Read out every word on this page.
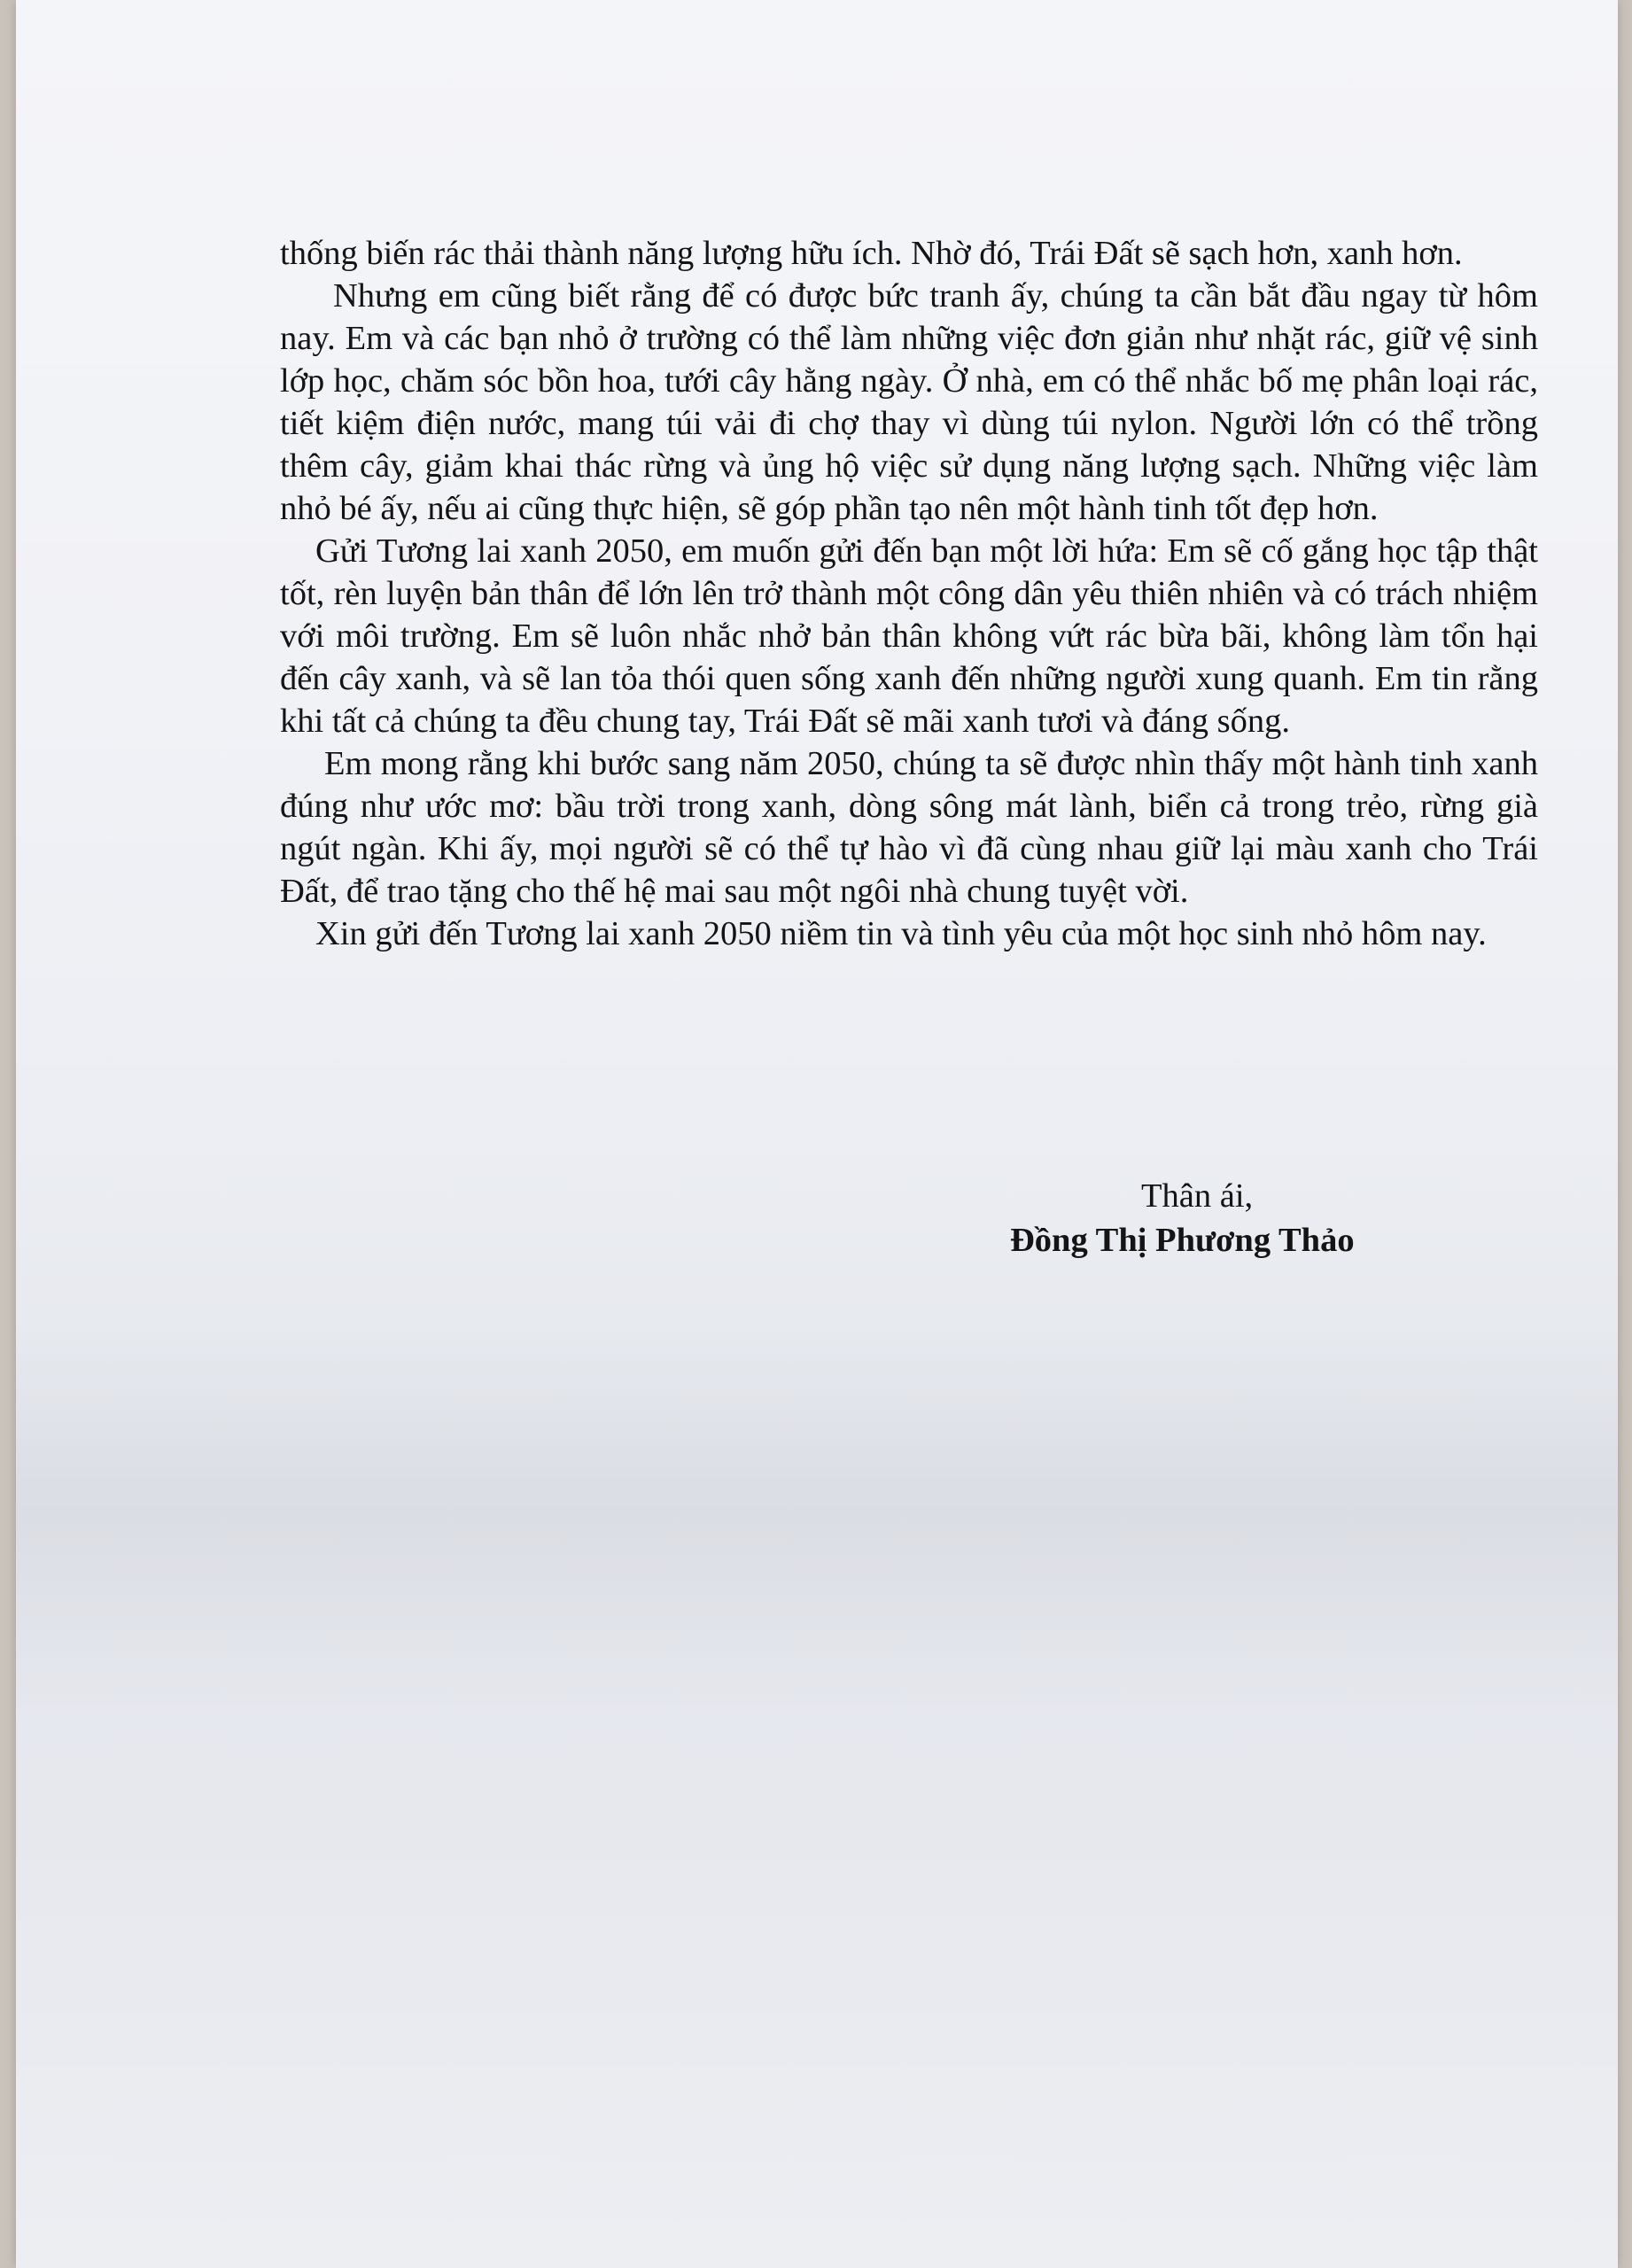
thống biến rác thải thành năng lượng hữu ích. Nhờ đó, Trái Đất sẽ sạch hơn, xanh hơn.

Nhưng em cũng biết rằng để có được bức tranh ấy, chúng ta cần bắt đầu ngay từ hôm nay. Em và các bạn nhỏ ở trường có thể làm những việc đơn giản như nhặt rác, giữ vệ sinh lớp học, chăm sóc bồn hoa, tưới cây hằng ngày. Ở nhà, em có thể nhắc bố mẹ phân loại rác, tiết kiệm điện nước, mang túi vải đi chợ thay vì dùng túi nylon. Người lớn có thể trồng thêm cây, giảm khai thác rừng và ủng hộ việc sử dụng năng lượng sạch. Những việc làm nhỏ bé ấy, nếu ai cũng thực hiện, sẽ góp phần tạo nên một hành tinh tốt đẹp hơn.

Gửi Tương lai xanh 2050, em muốn gửi đến bạn một lời hứa: Em sẽ cố gắng học tập thật tốt, rèn luyện bản thân để lớn lên trở thành một công dân yêu thiên nhiên và có trách nhiệm với môi trường. Em sẽ luôn nhắc nhở bản thân không vứt rác bừa bãi, không làm tổn hại đến cây xanh, và sẽ lan tỏa thói quen sống xanh đến những người xung quanh. Em tin rằng khi tất cả chúng ta đều chung tay, Trái Đất sẽ mãi xanh tươi và đáng sống.

Em mong rằng khi bước sang năm 2050, chúng ta sẽ được nhìn thấy một hành tinh xanh đúng như ước mơ: bầu trời trong xanh, dòng sông mát lành, biển cả trong trẻo, rừng già ngút ngàn. Khi ấy, mọi người sẽ có thể tự hào vì đã cùng nhau giữ lại màu xanh cho Trái Đất, để trao tặng cho thế hệ mai sau một ngôi nhà chung tuyệt vời.

Xin gửi đến Tương lai xanh 2050 niềm tin và tình yêu của một học sinh nhỏ hôm nay.

Thân ái,
Đồng Thị Phương Thảo
